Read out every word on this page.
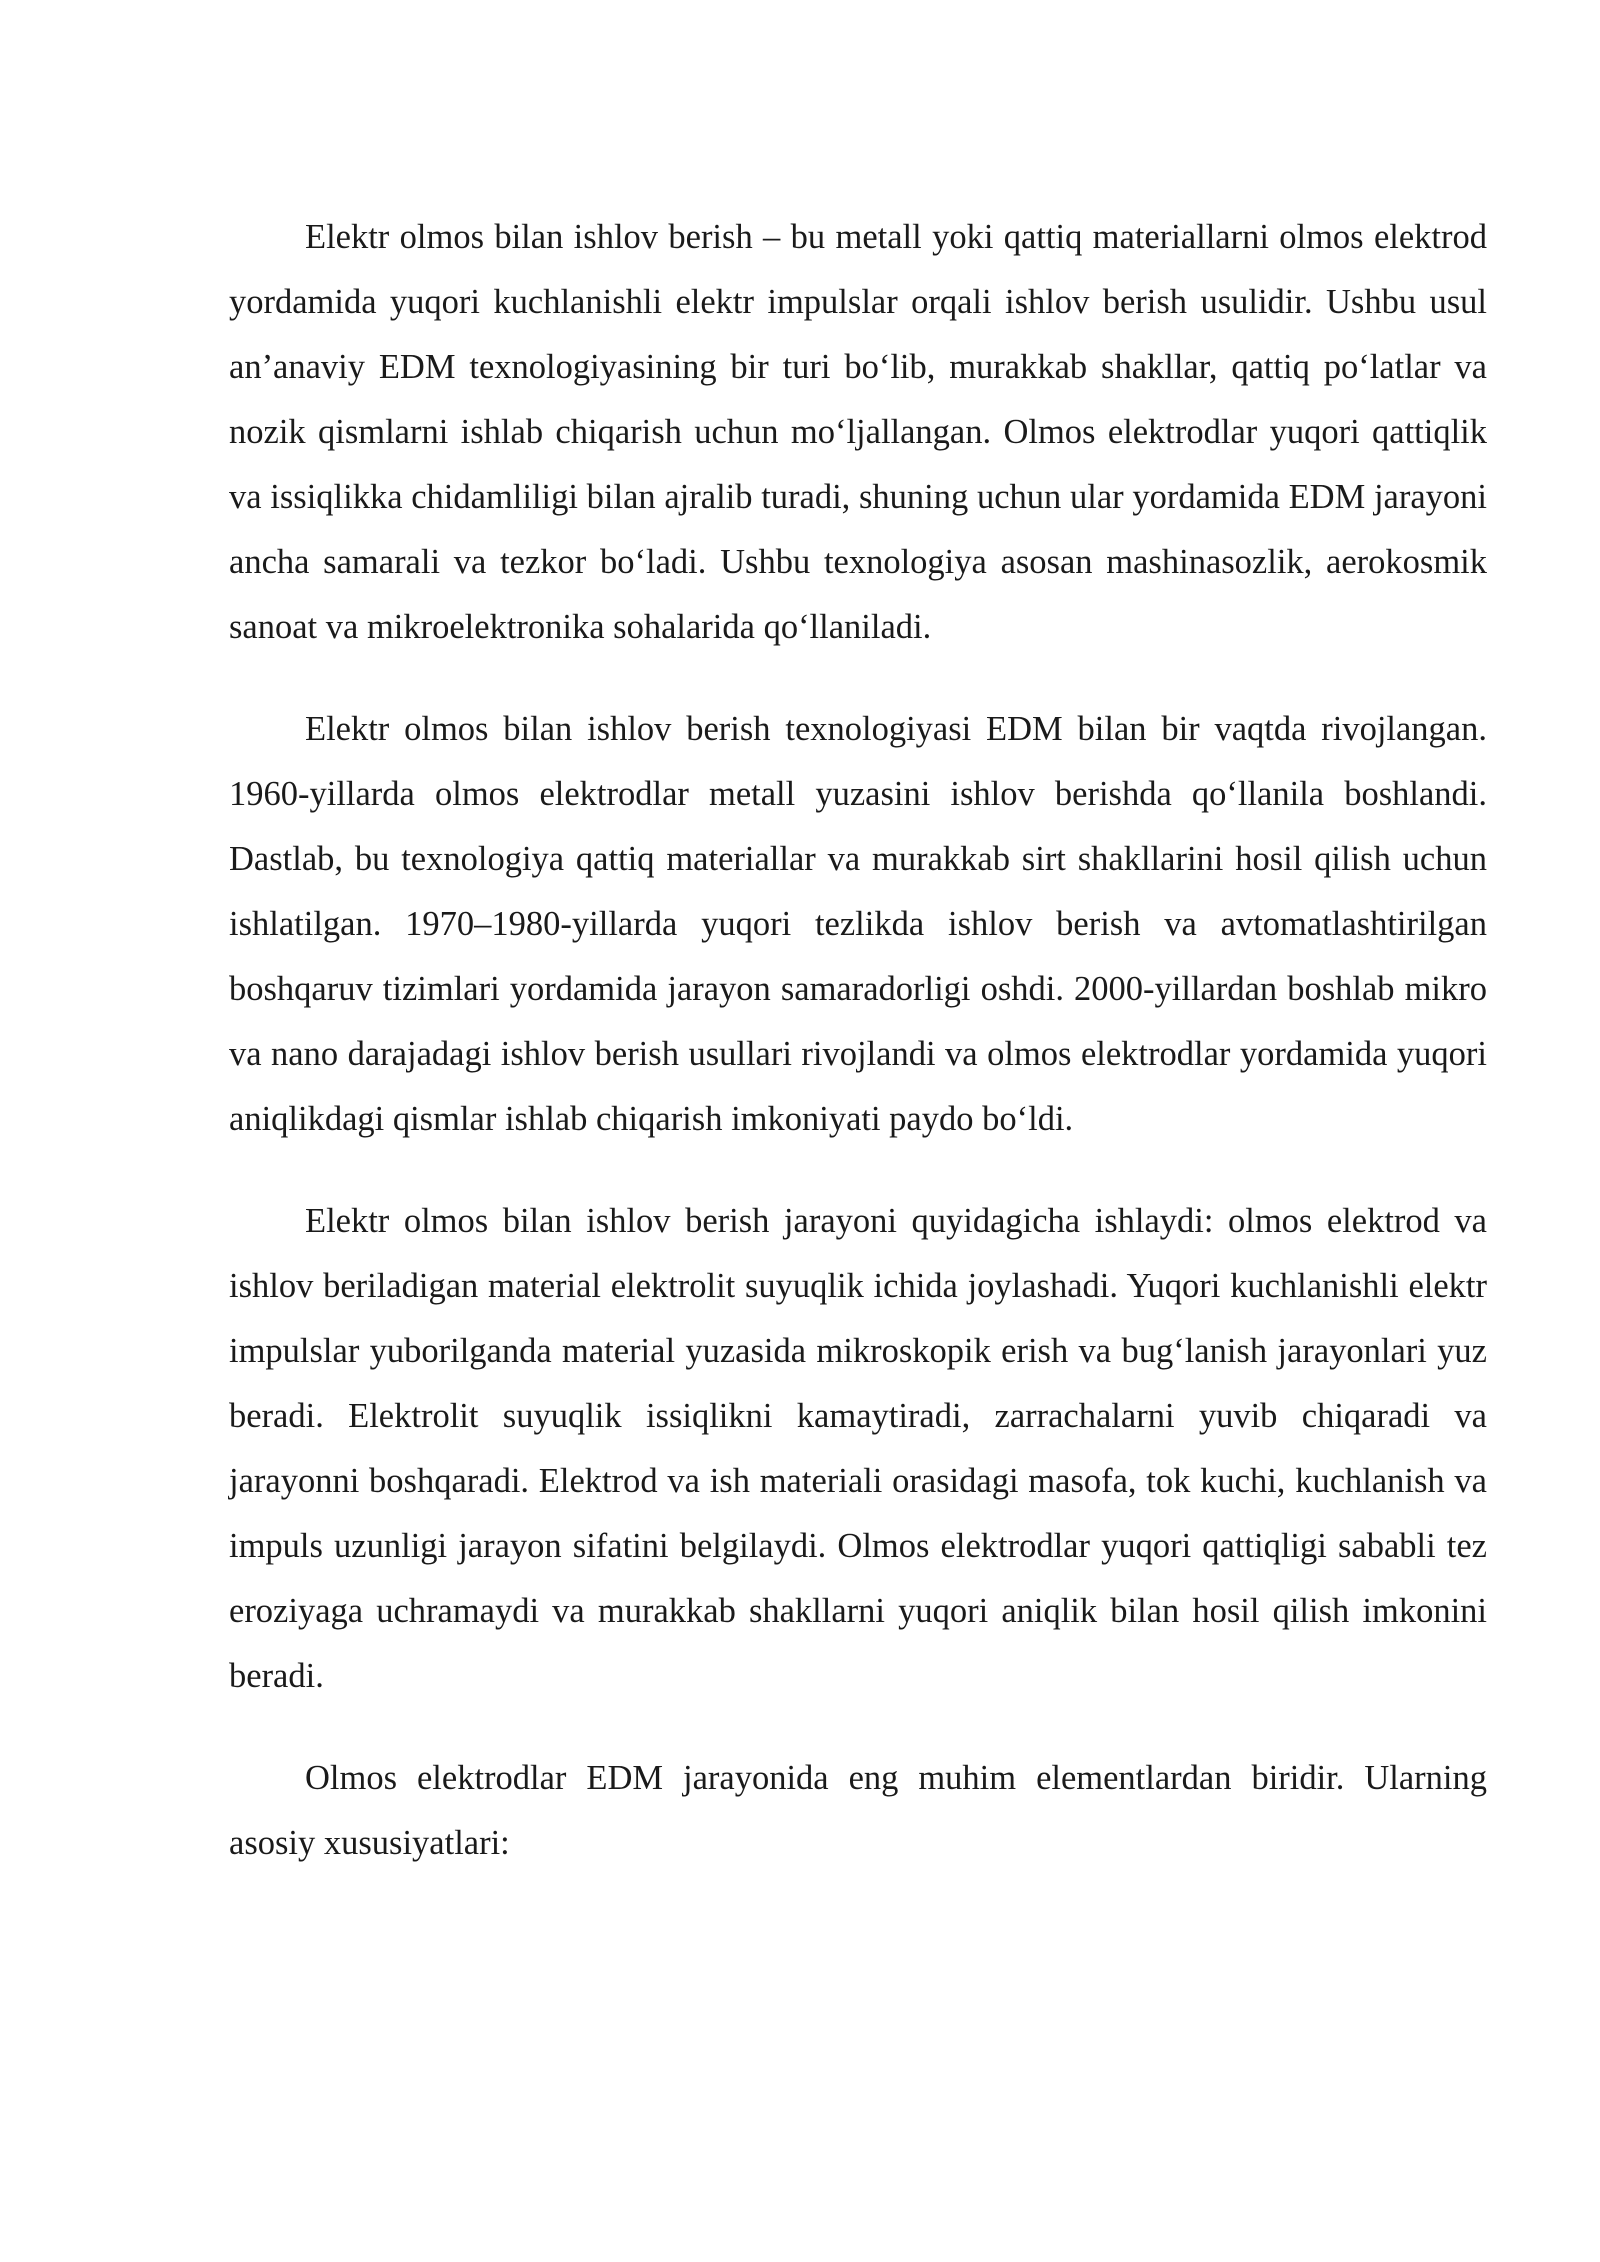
Elektr olmos bilan ishlov berish – bu metall yoki qattiq materiallarni olmos elektrod yordamida yuqori kuchlanishli elektr impulslar orqali ishlov berish usulidir. Ushbu usul an’anaviy EDM texnologiyasining bir turi bo‘lib, murakkab shakllar, qattiq po‘latlar va nozik qismlarni ishlab chiqarish uchun mo‘ljallangan. Olmos elektrodlar yuqori qattiqlik va issiqlikka chidamliligi bilan ajralib turadi, shuning uchun ular yordamida EDM jarayoni ancha samarali va tezkor bo‘ladi. Ushbu texnologiya asosan mashinasozlik, aerokosmik sanoat va mikroelektronika sohalarida qo‘llaniladi.

Elektr olmos bilan ishlov berish texnologiyasi EDM bilan bir vaqtda rivojlangan. 1960-yillarda olmos elektrodlar metall yuzasini ishlov berishda qo‘llanila boshlandi. Dastlab, bu texnologiya qattiq materiallar va murakkab sirt shakllarini hosil qilish uchun ishlatilgan. 1970–1980-yillarda yuqori tezlikda ishlov berish va avtomatlashtirilgan boshqaruv tizimlari yordamida jarayon samaradorligi oshdi. 2000-yillardan boshlab mikro va nano darajadagi ishlov berish usullari rivojlandi va olmos elektrodlar yordamida yuqori aniqlikdagi qismlar ishlab chiqarish imkoniyati paydo bo‘ldi.

Elektr olmos bilan ishlov berish jarayoni quyidagicha ishlaydi: olmos elektrod va ishlov beriladigan material elektrolit suyuqlik ichida joylashadi. Yuqori kuchlanishli elektr impulslar yuborilganda material yuzasida mikroskopik erish va bug‘lanish jarayonlari yuz beradi. Elektrolit suyuqlik issiqlikni kamaytiradi, zarrachalarni yuvib chiqaradi va jarayonni boshqaradi. Elektrod va ish materiali orasidagi masofa, tok kuchi, kuchlanish va impuls uzunligi jarayon sifatini belgilaydi. Olmos elektrodlar yuqori qattiqligi sababli tez eroziyaga uchramaydi va murakkab shakllarni yuqori aniqlik bilan hosil qilish imkonini beradi.

Olmos elektrodlar EDM jarayonida eng muhim elementlardan biridir. Ularning asosiy xususiyatlari:
